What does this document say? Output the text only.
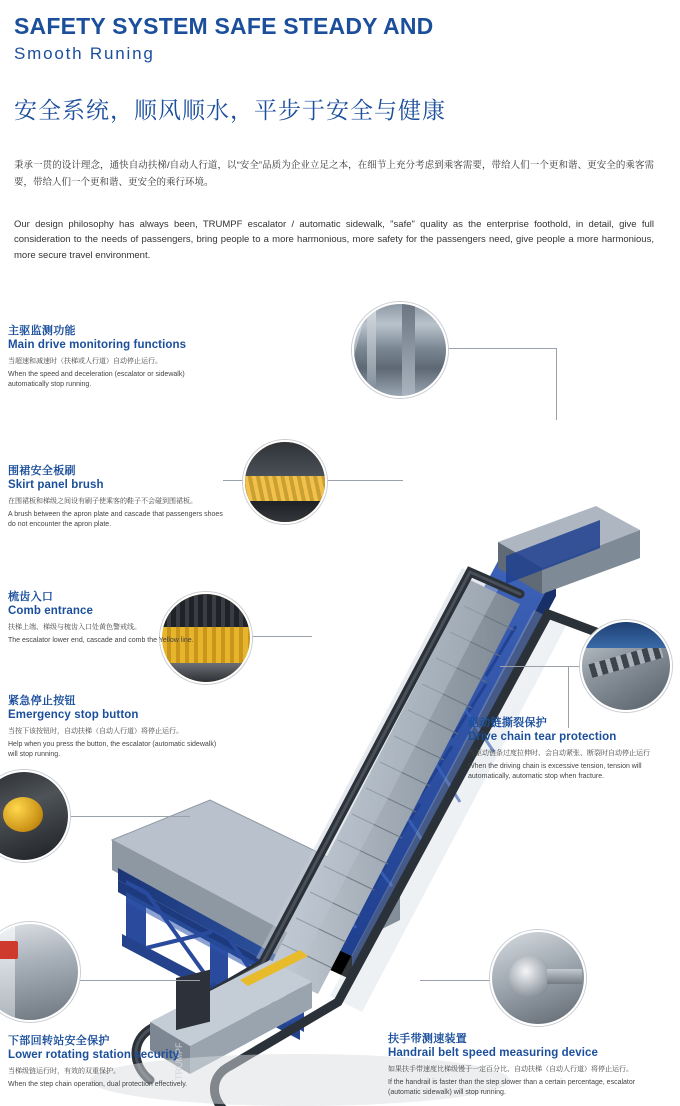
SAFETY SYSTEM SAFE STEADY AND
Smooth Runing
安全系统，顺风顺水，平步于安全与健康

秉承一贯的设计理念，通快自动扶梯/自动人行道，以“安全”品质为企业立足之本，在细节上充分考虑到乘客需要，带给人们一个更和谐、更安全的乘客需要，带给人们一个更和谐、更安全的乘行环境。

Our design philosophy has always been, TRUMPF escalator / automatic sidewalk, "safe" quality as the enterprise foothold, in detail, give full consideration to the needs of passengers, bring people to a more harmonious, more safety for the passengers need, give people a more harmonious, more secure travel environment.

主驱监测功能

Main drive monitoring functions

当超速和减速时（扶梯或人行道）自动停止运行。

When the speed and deceleration (escalator or sidewalk) automatically stop running.

围裙安全板刷

Skirt panel brush

在围裙板和梯级之间设有刷子使乘客的鞋子不会碰到围裙板。

A brush between the apron plate and cascade that passengers shoes do not encounter the apron plate.

梳齿入口

Comb entrance

扶梯上端、梯级与梳齿入口处黄色警戒线。

The escalator lower end, cascade and comb the Yellow line.

紧急停止按钮

Emergency stop button

当按下该按钮时，自动扶梯（自动人行道）将停止运行。

Help when you press the button, the escalator (automatic sidewalk) will stop running.

驱动链撕裂保护

Drive chain tear protection

当驱动链条过度拉伸时、会自动紧张、断裂时自动停止运行

When the driving chain is excessive tension, tension will automatically, automatic stop when fracture.

下部回转站安全保护

Lower rotating station security

当梯级链运行时，有效的双重保护。

When the step chain operation, dual protection effectively.

扶手带测速装置

Handrail belt speed measuring device

如果扶手带速度比梯级慢于一定百分比、自动扶梯（自动人行道）将停止运行。

If the handrail is faster than the step slower than a certain percentage, escalator (automatic sidewalk) will stop running.
